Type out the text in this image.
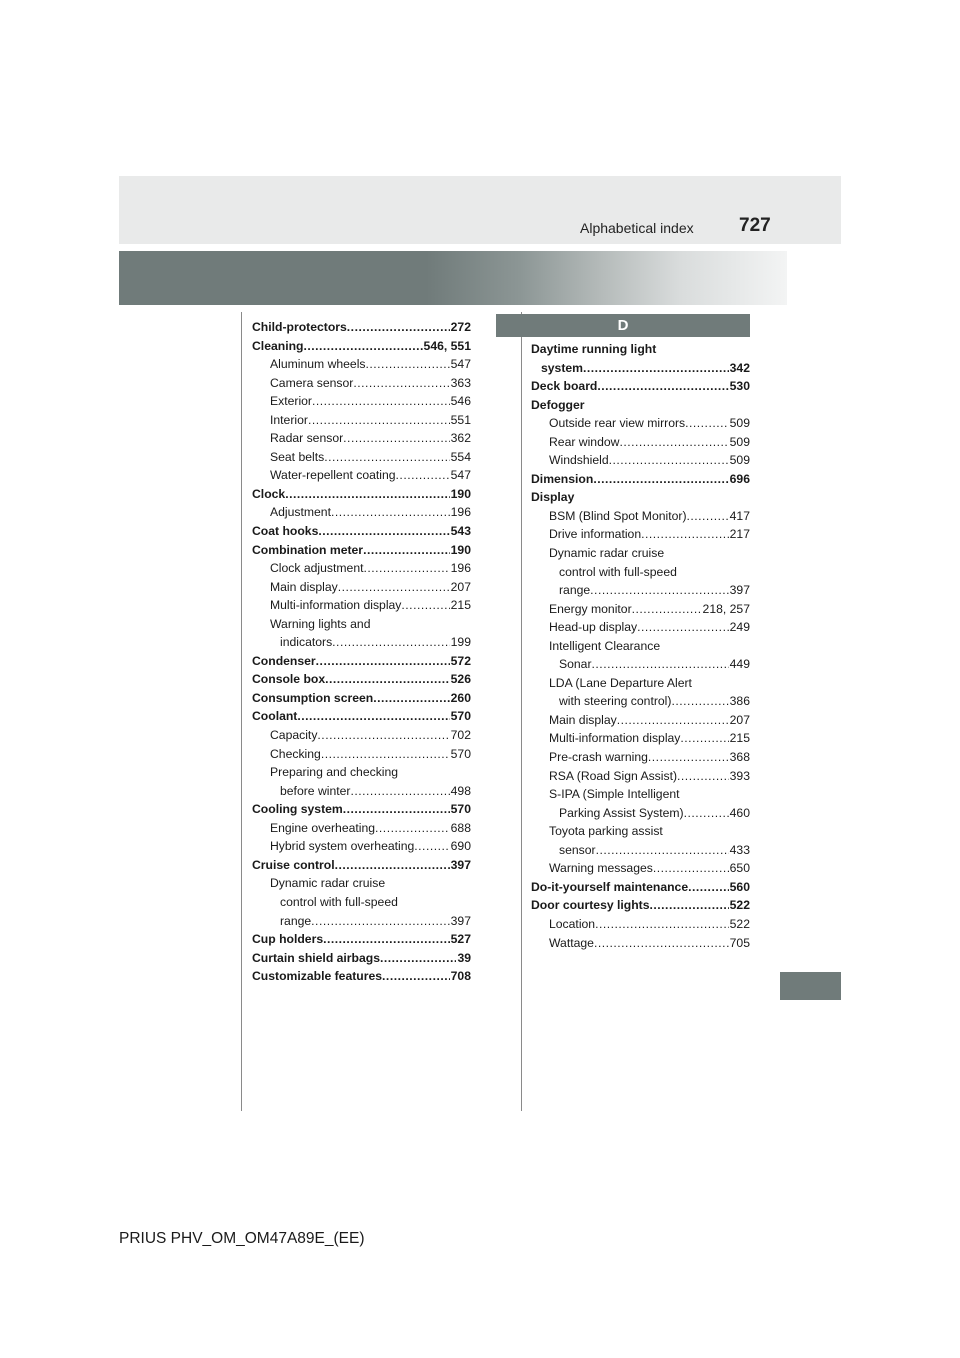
Alphabetical index 727
D
Child-protectors .....	272
Cleaning .....	546, 551
Aluminum wheels .....	547
Camera sensor .....	363
Exterior .....	546
Interior .....	551
Radar sensor .....	362
Seat belts .....	554
Water-repellent coating .....	547
Clock .....	190
Adjustment .....	196
Coat hooks .....	543
Combination meter .....	190
Clock adjustment .....	196
Main display .....	207
Multi-information display .....	215
Warning lights and
indicators .....	199
Condenser .....	572
Console box .....	526
Consumption screen .....	260
Coolant .....	570
Capacity .....	702
Checking .....	570
Preparing and checking
before winter .....	498
Cooling system .....	570
Engine overheating .....	688
Hybrid system overheating .....	690
Cruise control .....	397
Dynamic radar cruise
control with full-speed
range .....	397
Cup holders .....	527
Curtain shield airbags .....	39
Customizable features .....	708
Daytime running light
system .....	342
Deck board .....	530
Defogger
Outside rear view mirrors .....	509
Rear window .....	509
Windshield .....	509
Dimension .....	696
Display
BSM (Blind Spot Monitor) .....	417
Drive information .....	217
Dynamic radar cruise
control with full-speed
range .....	397
Energy monitor .....	218, 257
Head-up display .....	249
Intelligent Clearance
Sonar .....	449
LDA (Lane Departure Alert
with steering control) .....	386
Main display .....	207
Multi-information display .....	215
Pre-crash warning .....	368
RSA (Road Sign Assist) .....	393
S-IPA (Simple Intelligent
Parking Assist System) .....	460
Toyota parking assist
sensor .....	433
Warning messages .....	650
Do-it-yourself maintenance .....	560
Door courtesy lights .....	522
Location .....	522
Wattage .....	705
PRIUS PHV_OM_OM47A89E_(EE)
